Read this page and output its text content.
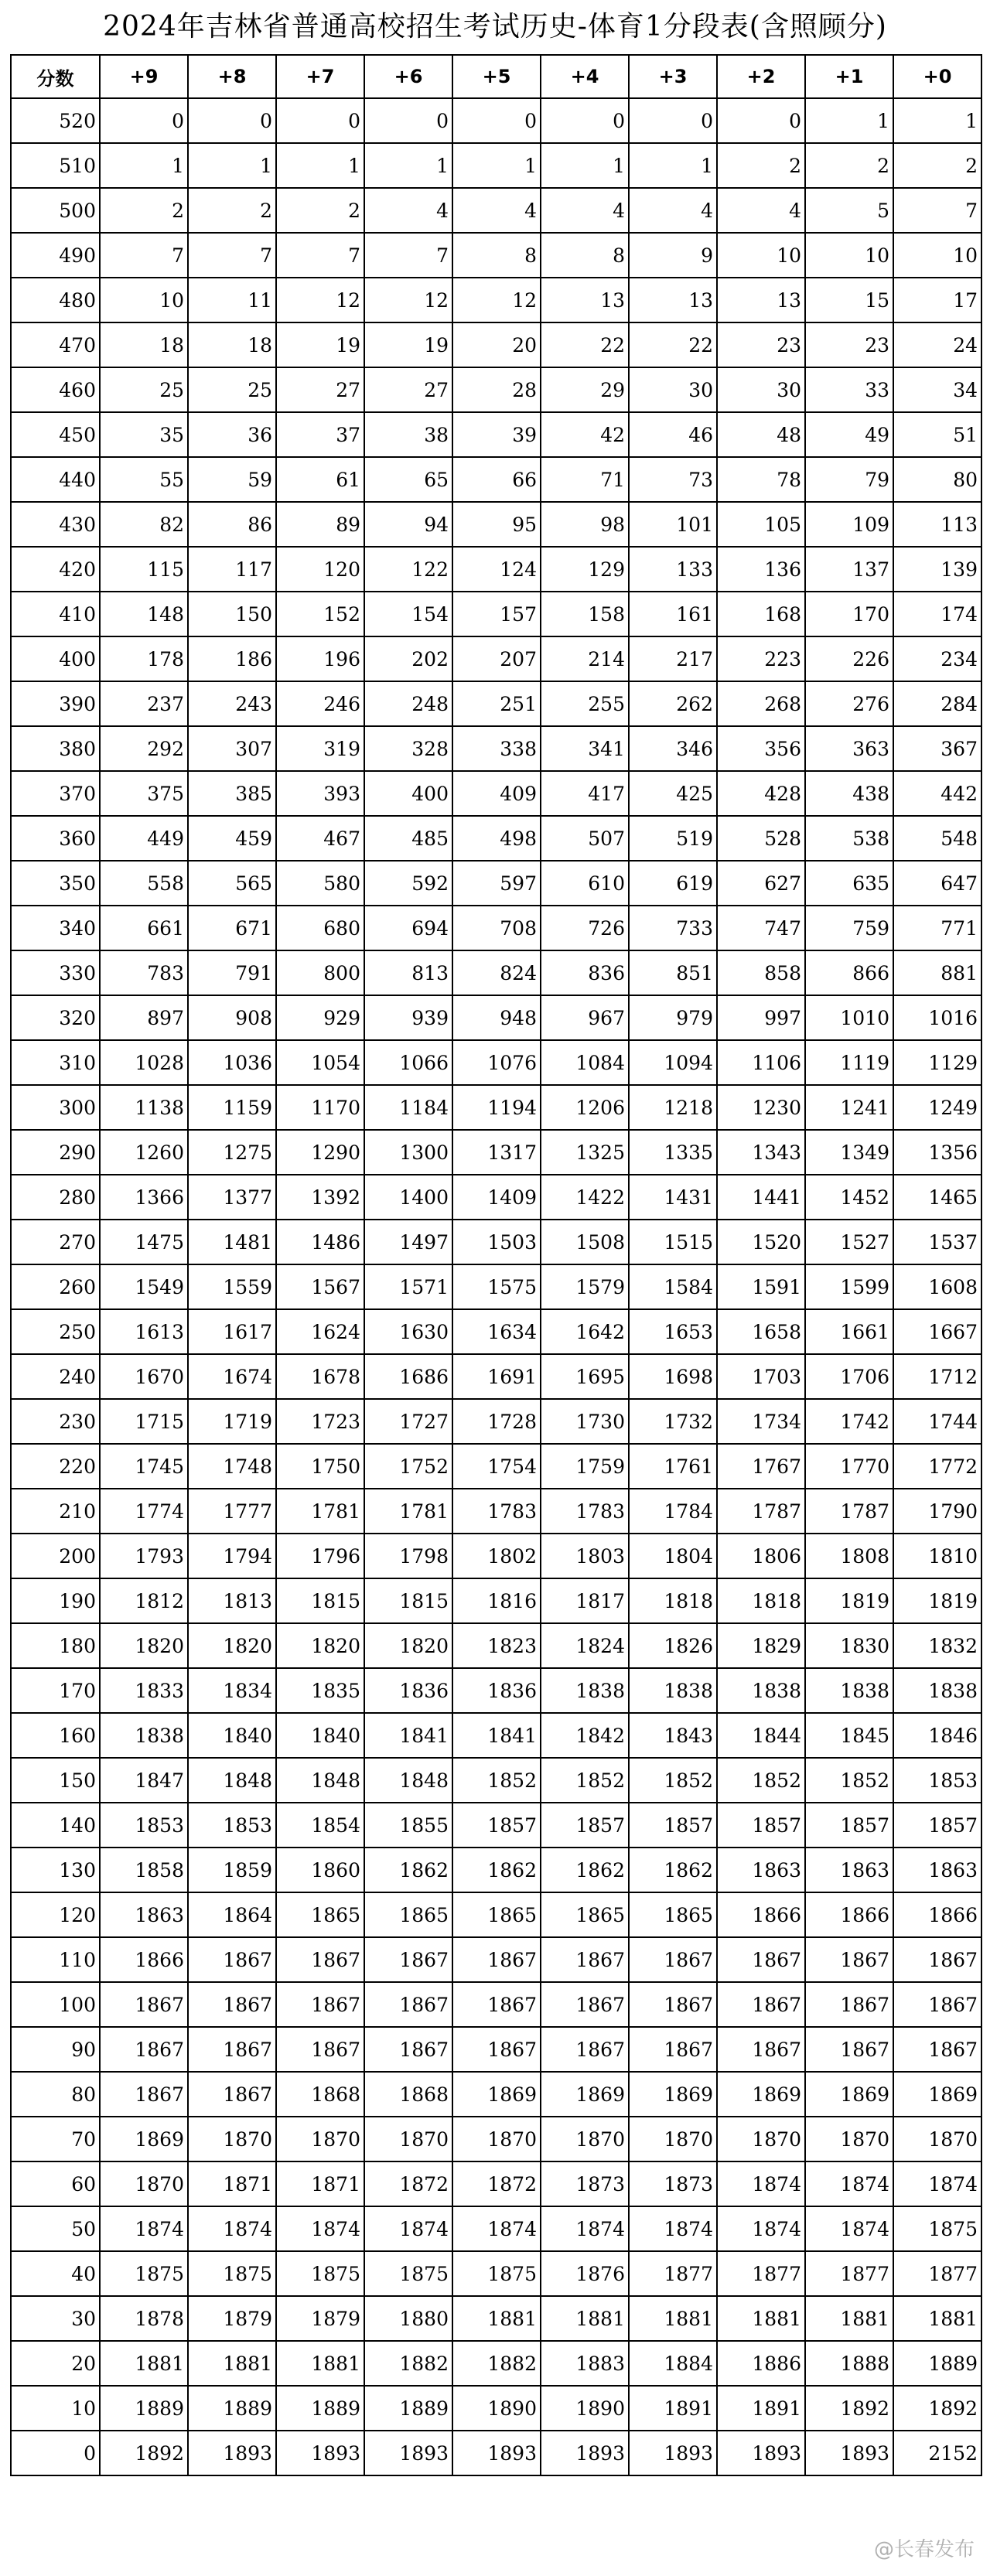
2024年吉林省普通高校招生考试历史-体育1分段表(含照顾分)
分数	+9	+8	+7	+6	+5	+4	+3	+2	+1	+0
520	0	0	0	0	0	0	0	0	1	1
510	1	1	1	1	1	1	1	2	2	2
500	2	2	2	4	4	4	4	4	5	7
490	7	7	7	7	8	8	9	10	10	10
480	10	11	12	12	12	13	13	13	15	17
470	18	18	19	19	20	22	22	23	23	24
460	25	25	27	27	28	29	30	30	33	34
450	35	36	37	38	39	42	46	48	49	51
440	55	59	61	65	66	71	73	78	79	80
430	82	86	89	94	95	98	101	105	109	113
420	115	117	120	122	124	129	133	136	137	139
410	148	150	152	154	157	158	161	168	170	174
400	178	186	196	202	207	214	217	223	226	234
390	237	243	246	248	251	255	262	268	276	284
380	292	307	319	328	338	341	346	356	363	367
370	375	385	393	400	409	417	425	428	438	442
360	449	459	467	485	498	507	519	528	538	548
350	558	565	580	592	597	610	619	627	635	647
340	661	671	680	694	708	726	733	747	759	771
330	783	791	800	813	824	836	851	858	866	881
320	897	908	929	939	948	967	979	997	1010	1016
310	1028	1036	1054	1066	1076	1084	1094	1106	1119	1129
300	1138	1159	1170	1184	1194	1206	1218	1230	1241	1249
290	1260	1275	1290	1300	1317	1325	1335	1343	1349	1356
280	1366	1377	1392	1400	1409	1422	1431	1441	1452	1465
270	1475	1481	1486	1497	1503	1508	1515	1520	1527	1537
260	1549	1559	1567	1571	1575	1579	1584	1591	1599	1608
250	1613	1617	1624	1630	1634	1642	1653	1658	1661	1667
240	1670	1674	1678	1686	1691	1695	1698	1703	1706	1712
230	1715	1719	1723	1727	1728	1730	1732	1734	1742	1744
220	1745	1748	1750	1752	1754	1759	1761	1767	1770	1772
210	1774	1777	1781	1781	1783	1783	1784	1787	1787	1790
200	1793	1794	1796	1798	1802	1803	1804	1806	1808	1810
190	1812	1813	1815	1815	1816	1817	1818	1818	1819	1819
180	1820	1820	1820	1820	1823	1824	1826	1829	1830	1832
170	1833	1834	1835	1836	1836	1838	1838	1838	1838	1838
160	1838	1840	1840	1841	1841	1842	1843	1844	1845	1846
150	1847	1848	1848	1848	1852	1852	1852	1852	1852	1853
140	1853	1853	1854	1855	1857	1857	1857	1857	1857	1857
130	1858	1859	1860	1862	1862	1862	1862	1863	1863	1863
120	1863	1864	1865	1865	1865	1865	1865	1866	1866	1866
110	1866	1867	1867	1867	1867	1867	1867	1867	1867	1867
100	1867	1867	1867	1867	1867	1867	1867	1867	1867	1867
90	1867	1867	1867	1867	1867	1867	1867	1867	1867	1867
80	1867	1867	1868	1868	1869	1869	1869	1869	1869	1869
70	1869	1870	1870	1870	1870	1870	1870	1870	1870	1870
60	1870	1871	1871	1872	1872	1873	1873	1874	1874	1874
50	1874	1874	1874	1874	1874	1874	1874	1874	1874	1875
40	1875	1875	1875	1875	1875	1876	1877	1877	1877	1877
30	1878	1879	1879	1880	1881	1881	1881	1881	1881	1881
20	1881	1881	1881	1882	1882	1883	1884	1886	1888	1889
10	1889	1889	1889	1889	1890	1890	1891	1891	1892	1892
0	1892	1893	1893	1893	1893	1893	1893	1893	1893	2152
@长春发布
